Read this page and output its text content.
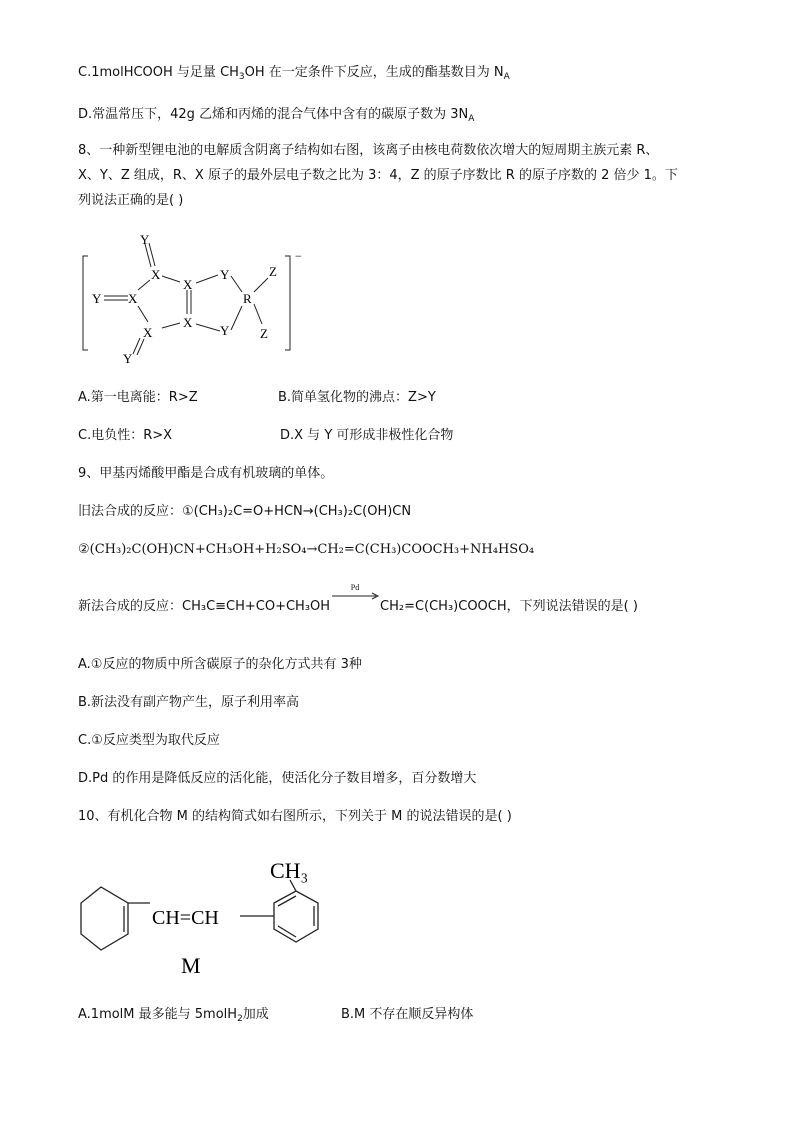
C.1molHCOOH 与足量 $CH_3OH$ 在一定条件下反应，生成的酯基数目为 $N_A$
D.常温常压下，42g 乙烯和丙烯的混合气体中含有的碳原子数为 $3N_A$
8、一种新型锂电池的电解质含阴离子结构如右图，该离子由核电荷数依次增大的短周期主族元素 R、
X、Y、Z 组成，R、X 原子的最外层电子数之比为 3：4，Z 的原子序数比 R 的原子序数的 2 倍少 1。下
列说法正确的是( )
−
Y
X
Y X
X
Y
X
X
Y
Y
R
Z
Z
A.第一电离能：R>Z	B.简单氢化物的沸点：Z>Y
C.电负性：R>X	D.X 与 Y 可形成非极性化合物
9、甲基丙烯酸甲酯是合成有机玻璃的单体。
旧法合成的反应：①(CH₃)₂C=O+HCN→(CH₃)₂C(OH)CN
②(CH₃)₂C(OH)CN+CH₃OH+H₂SO₄→CH₂=C(CH₃)COOCH₃+NH₄HSO₄
新法合成的反应：CH₃C≡CH+CO+CH₃OH
Pd
CH₂=C(CH₃)COOCH，下列说法错误的是( )
A.①反应的物质中所含碳原子的杂化方式共有 3种
B.新法没有副产物产生，原子利用率高
C.①反应类型为取代反应
D.Pd 的作用是降低反应的活化能，使活化分子数目增多，百分数增大
10、有机化合物 M 的结构简式如右图所示，下列关于 M 的说法错误的是( )
CH=CH
CH₃
M
A.1molM 最多能与 5molH$_2$加成	B.M 不存在顺反异构体
